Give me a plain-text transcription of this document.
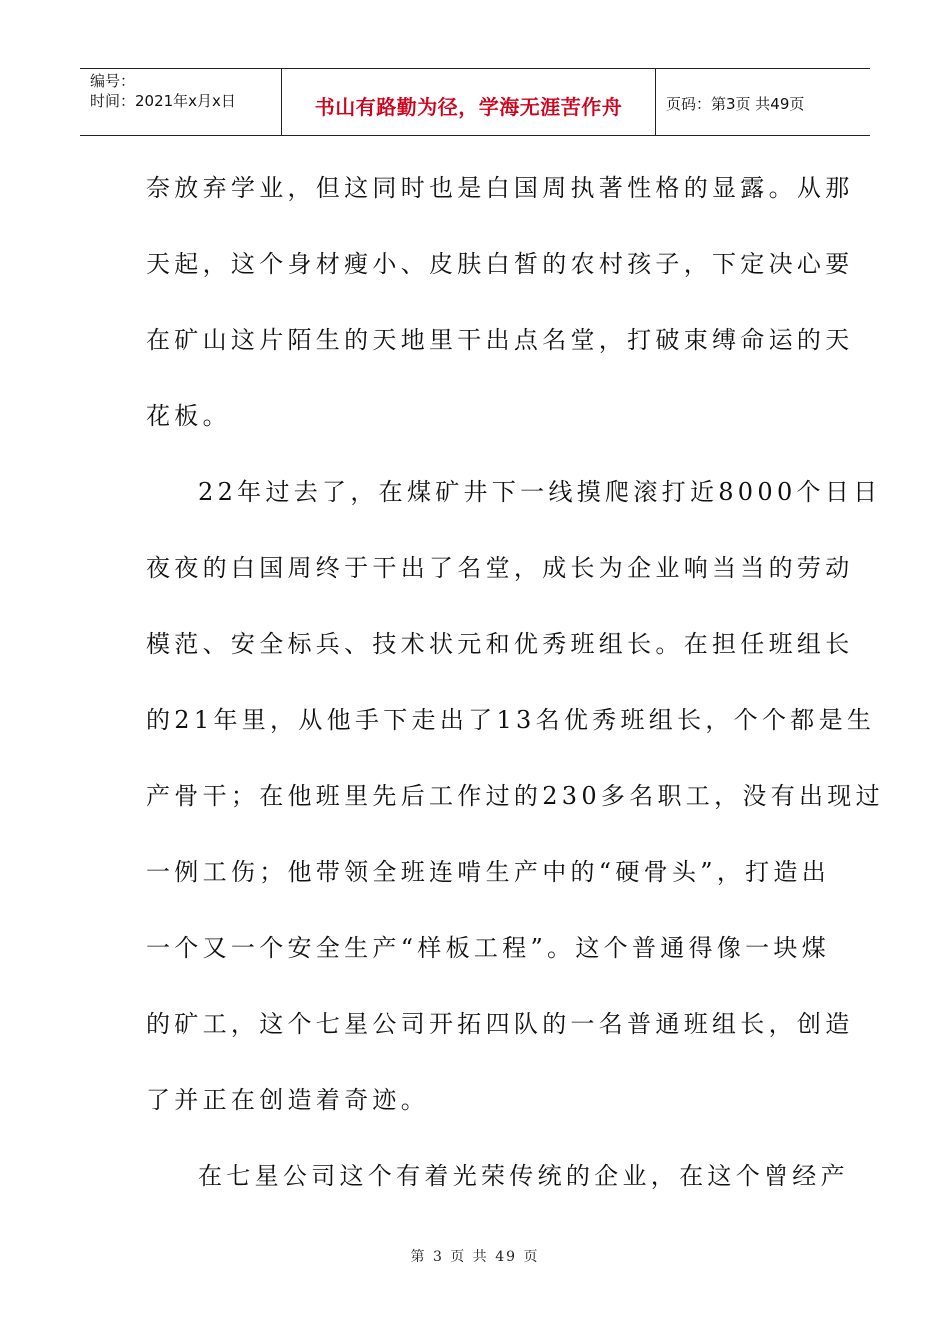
编号：
时间：2021年x月x日	书山有路勤为径，学海无涯苦作舟	页码：第3页 共49页
奈放弃学业，但这同时也是白国周执著性格的显露。从那
天起，这个身材瘦小、皮肤白皙的农村孩子，下定决心要
在矿山这片陌生的天地里干出点名堂，打破束缚命运的天
花板。
22年过去了，在煤矿井下一线摸爬滚打近8000个日日
夜夜的白国周终于干出了名堂，成长为企业响当当的劳动
模范、安全标兵、技术状元和优秀班组长。在担任班组长
的21年里，从他手下走出了13名优秀班组长，个个都是生
产骨干；在他班里先后工作过的230多名职工，没有出现过
一例工伤；他带领全班连啃生产中的“硬骨头”，打造出
一个又一个安全生产“样板工程”。这个普通得像一块煤
的矿工，这个七星公司开拓四队的一名普通班组长，创造
了并正在创造着奇迹。
在七星公司这个有着光荣传统的企业，在这个曾经产
第 3 页 共 49 页
